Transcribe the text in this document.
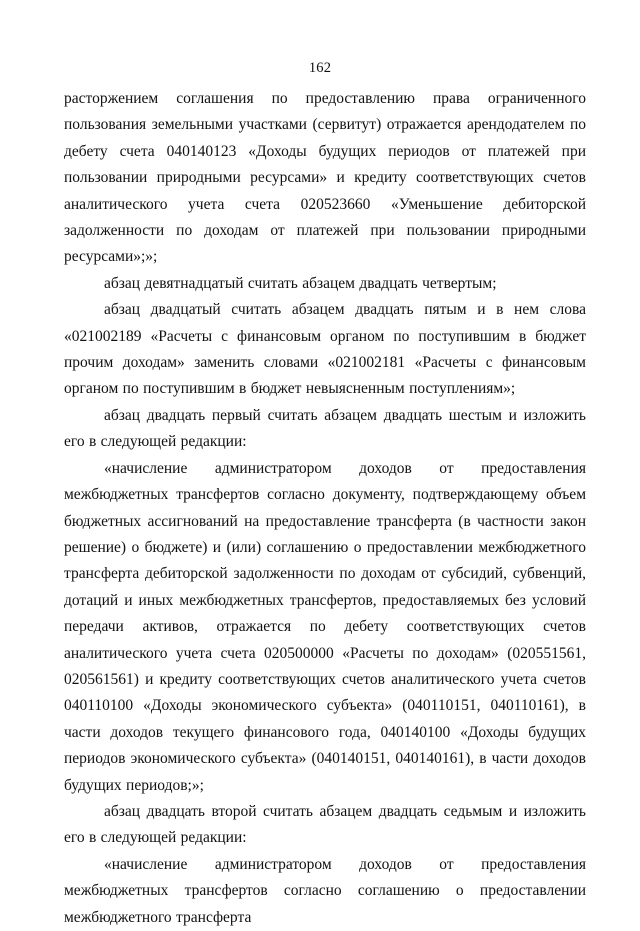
162

расторжением соглашения по предоставлению права ограниченного пользования земельными участками (сервитут) отражается арендодателем по дебету счета 040140123 «Доходы будущих периодов от платежей при пользовании природными ресурсами» и кредиту соответствующих счетов аналитического учета счета 020523660 «Уменьшение дебиторской задолженности по доходам от платежей при пользовании природными ресурсами»;»;

абзац девятнадцатый считать абзацем двадцать четвертым;

абзац двадцатый считать абзацем двадцать пятым и в нем слова «021002189 «Расчеты с финансовым органом по поступившим в бюджет прочим доходам» заменить словами «021002181 «Расчеты с финансовым органом по поступившим в бюджет невыясненным поступлениям»;

абзац двадцать первый считать абзацем двадцать шестым и изложить его в следующей редакции:

«начисление администратором доходов от предоставления межбюджетных трансфертов согласно документу, подтверждающему объем бюджетных ассигнований на предоставление трансферта (в частности закон решение) о бюджете) и (или) соглашению о предоставлении межбюджетного трансферта дебиторской задолженности по доходам от субсидий, субвенций, дотаций и иных межбюджетных трансфертов, предоставляемых без условий передачи активов, отражается по дебету соответствующих счетов аналитического учета счета 020500000 «Расчеты по доходам» (020551561, 020561561) и кредиту соответствующих счетов аналитического учета счетов 040110100 «Доходы экономического субъекта» (040110151, 040110161), в части доходов текущего финансового года, 040140100 «Доходы будущих периодов экономического субъекта» (040140151, 040140161), в части доходов будущих периодов;»;

абзац двадцать второй считать абзацем двадцать седьмым и изложить его в следующей редакции:

«начисление администратором доходов от предоставления межбюджетных трансфертов согласно соглашению о предоставлении межбюджетного трансферта
